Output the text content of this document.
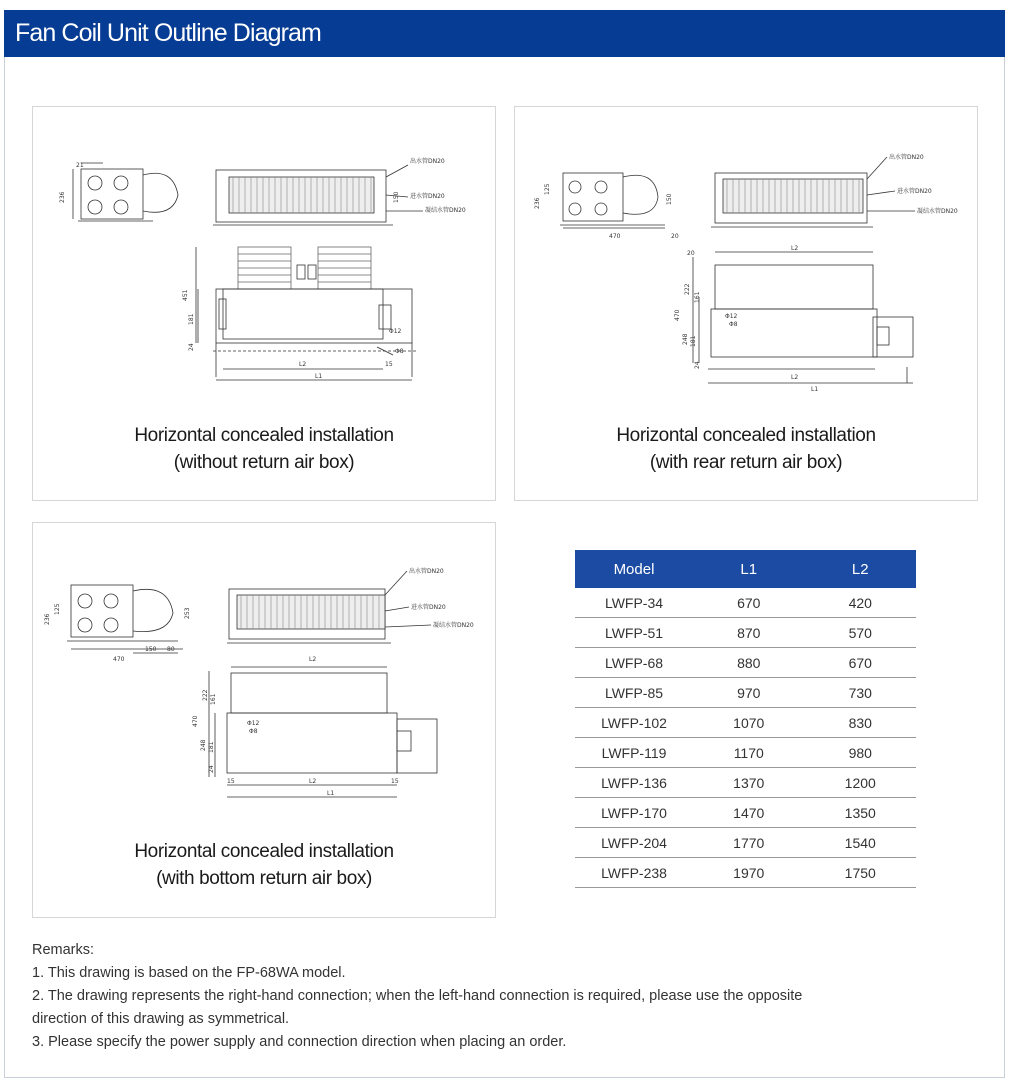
Fan Coil Unit Outline Diagram
21
236	150
出水管DN20
进水管DN20
凝结水管DN20
451
181
24
Φ12
Φ8
15
L2
L1
Horizontal concealed installation
(without return air box)
236
125
470	20
150
出水管DN20
进水管DN20
凝结水管DN20
20
222
161
470
248 181
24
Φ12
Φ8
L2
L2
L1
Horizontal concealed installation
(with rear return air box)
236
125	253
470
150 80
出水管DN20
进水管DN20
凝结水管DN20
L2
222 161
470
248 181
24
Φ12
Φ8
15	15
L2
L1
Horizontal concealed installation
(with bottom return air box)
Model	L1	L2
LWFP-34	670	420
LWFP-51	870	570
LWFP-68	880	670
LWFP-85	970	730
LWFP-102	1070	830
LWFP-119	1170	980
LWFP-136	1370	1200
LWFP-170	1470	1350
LWFP-204	1770	1540
LWFP-238	1970	1750

Remarks:

1. This drawing is based on the FP-68WA model.

2. The drawing represents the right-hand connection; when the left-hand connection is required, please use the opposite

direction of this drawing as symmetrical.

3. Please specify the power supply and connection direction when placing an order.
